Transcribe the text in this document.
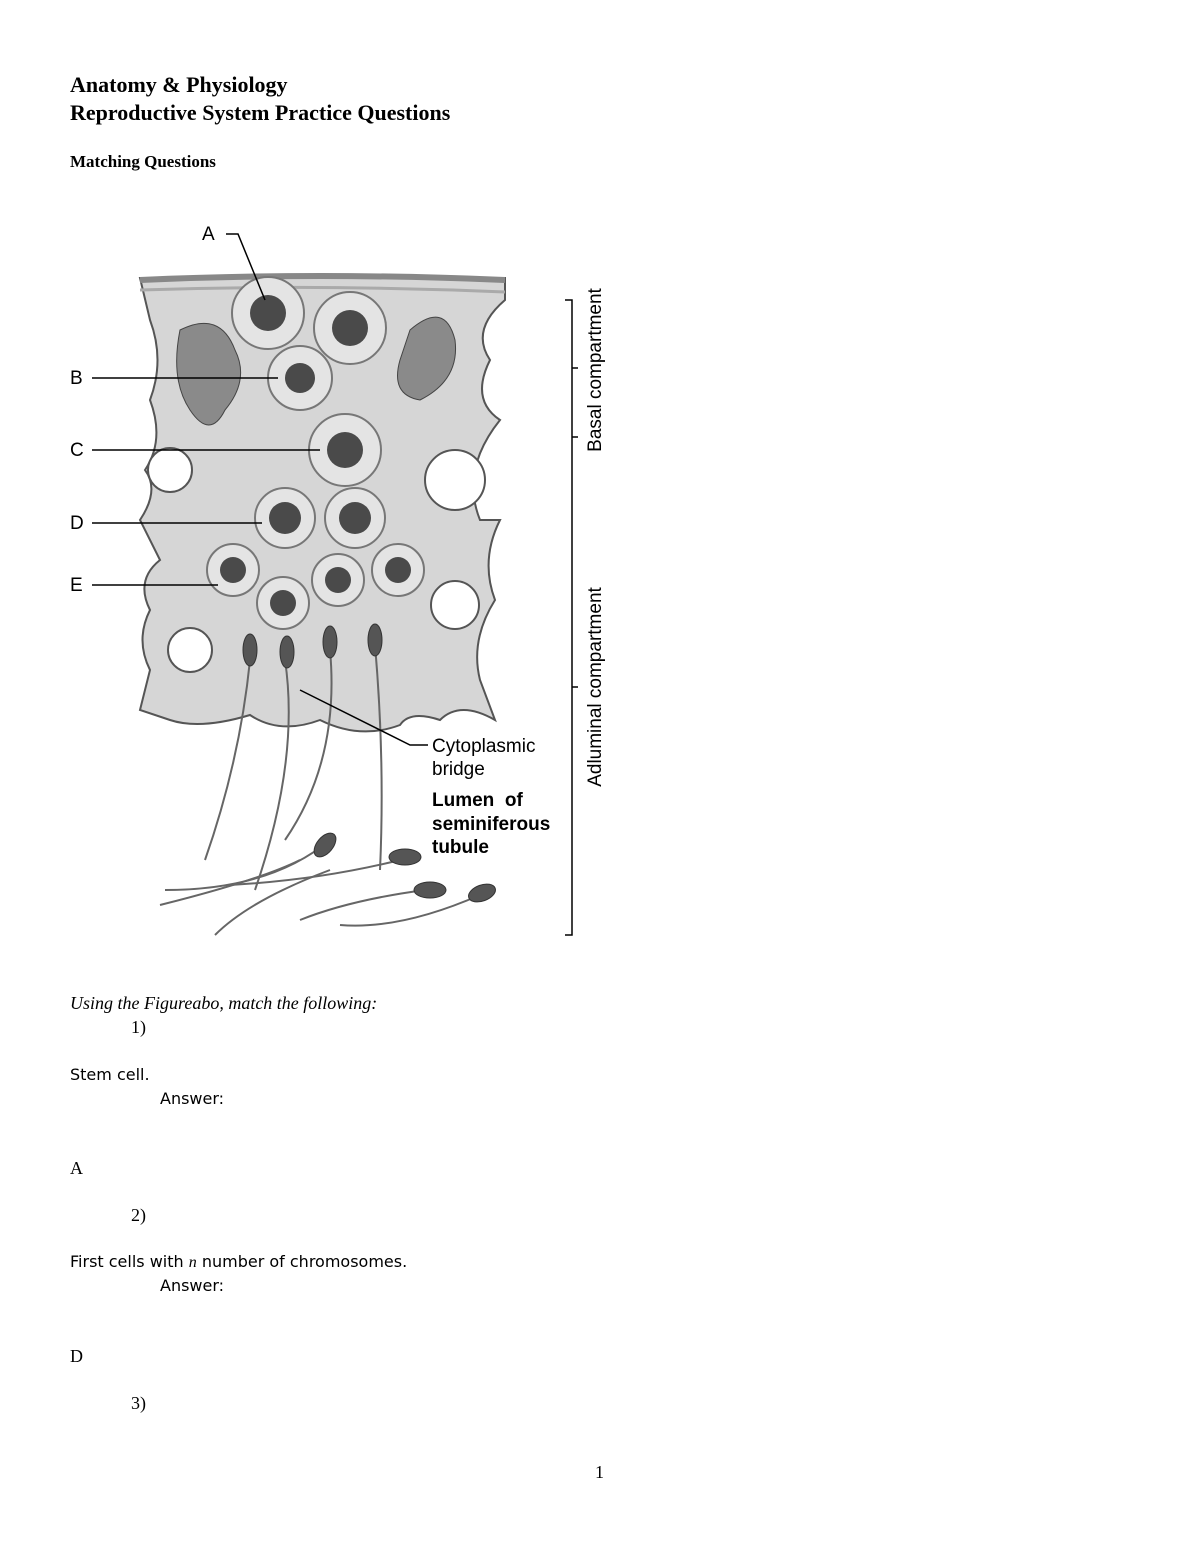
Anatomy & Physiology
Reproductive System Practice Questions
Matching Questions
A
B
C
D
E
Cytoplasmic
bridge
Lumen  of
seminiferous
tubule
Basal compartment
Adluminal compartment
Using the Figureabo, match the following:
1)
Stem cell.
Answer:
A
2)
First cells with n number of chromosomes.
Answer:
D
3)
1
